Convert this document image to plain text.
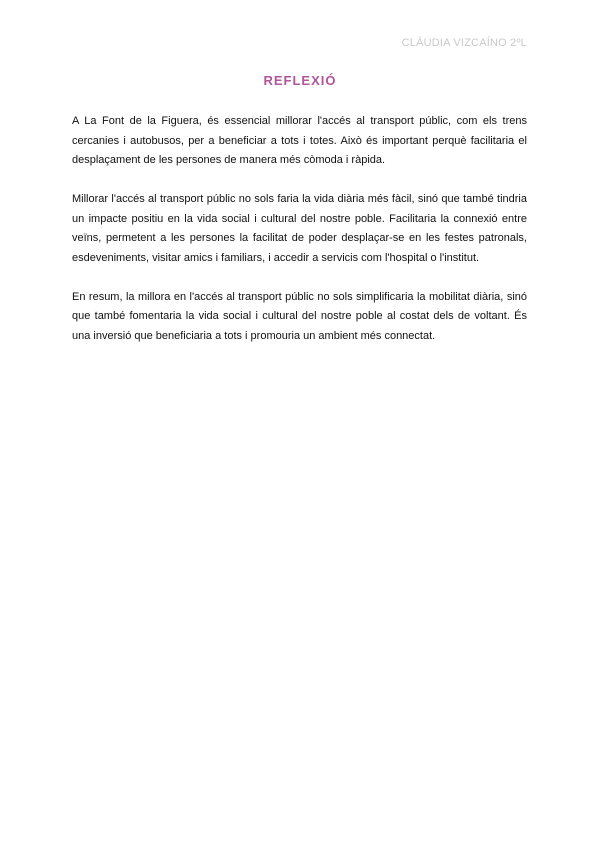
CLÀUDIA VIZCAÍNO 2ºL
REFLEXIÓ

A La Font de la Figuera, és essencial millorar l'accés al transport públic, com els trens cercanies i autobusos, per a beneficiar a tots i totes. Això és important perquè facilitaria el desplaçament de les persones de manera més còmoda i ràpida.

Millorar l'accés al transport públic no sols faria la vida diària més fàcil, sinó que també tindria un impacte positiu en la vida social i cultural del nostre poble. Facilitaria la connexió entre veïns, permetent a les persones la facilitat de poder desplaçar-se en les festes patronals, esdeveniments, visitar amics i familiars, i accedir a servicis com l'hospital o l'institut.

En resum, la millora en l'accés al transport públic no sols simplificaria la mobilitat diària, sinó que també fomentaria la vida social i cultural del nostre poble al costat dels de voltant. És una inversió que beneficiaria a tots i promouria un ambient més connectat.
